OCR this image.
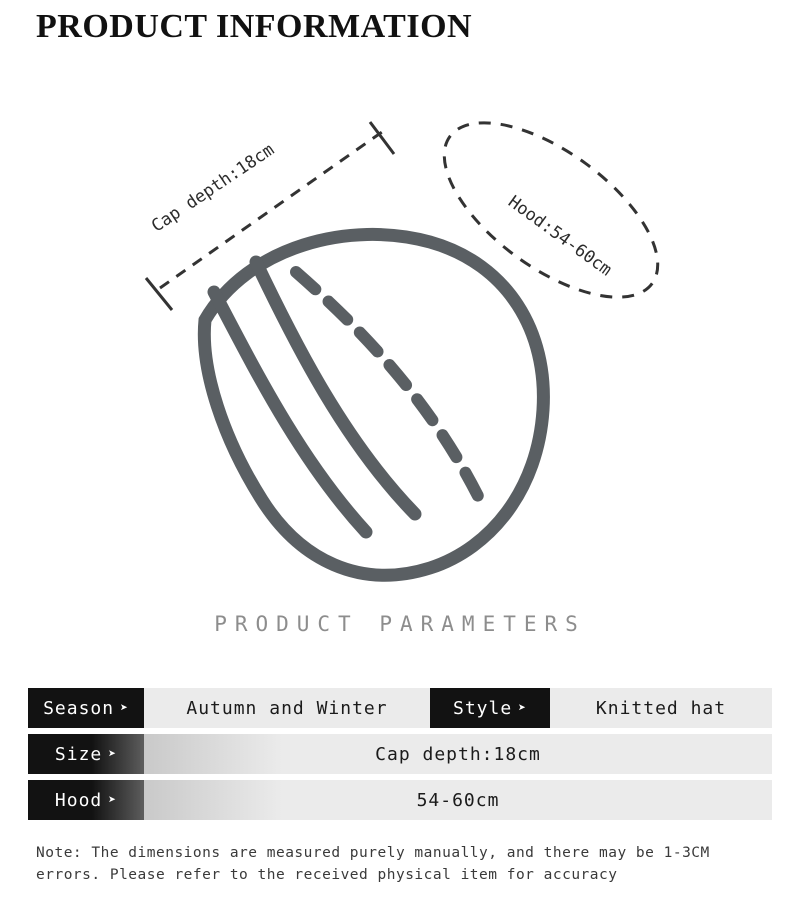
PRODUCT INFORMATION
Cap depth:18cm	Hood:54-60cm
PRODUCT PARAMETERS
Season ➤	Autumn and Winter	Style ➤	Knitted hat
Size ➤	Cap depth:18cm
Hood ➤	54-60cm
Note: The dimensions are measured purely manually, and there may be 1-3CM errors. Please refer to the received physical item for accuracy
